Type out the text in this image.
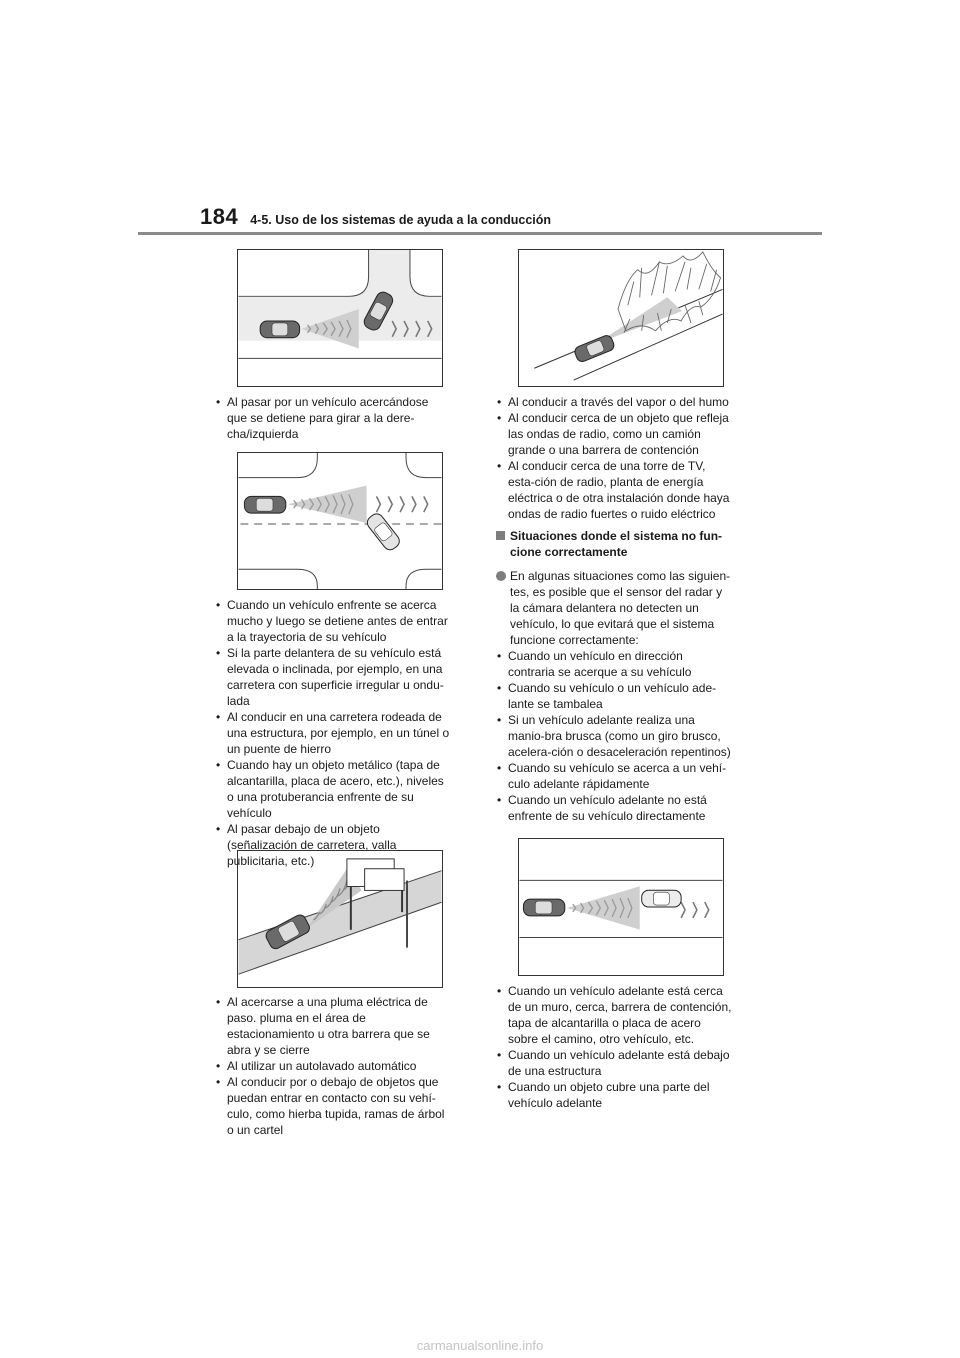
184 4-5. Uso de los sistemas de ayuda a la conducción
• Al pasar por un vehículo acercándose que se detiene para girar a la dere-cha/izquierda
• Cuando un vehículo enfrente se acerca mucho y luego se detiene antes de entrar a la trayectoria de su vehículo
• Si la parte delantera de su vehículo está elevada o inclinada, por ejemplo, en una carretera con superficie irregular u ondu-lada
• Al conducir en una carretera rodeada de una estructura, por ejemplo, en un túnel o un puente de hierro
• Cuando hay un objeto metálico (tapa de alcantarilla, placa de acero, etc.), niveles o una protuberancia enfrente de su vehículo
• Al pasar debajo de un objeto (señalización de carretera, valla publicitaria, etc.)
• Al acercarse a una pluma eléctrica de paso. pluma en el área de estacionamiento u otra barrera que se abra y se cierre
• Al utilizar un autolavado automático
• Al conducir por o debajo de objetos que puedan entrar en contacto con su vehí-culo, como hierba tupida, ramas de árbol o un cartel
• Al conducir a través del vapor o del humo
• Al conducir cerca de un objeto que refleja las ondas de radio, como un camión grande o una barrera de contención
• Al conducir cerca de una torre de TV, esta-ción de radio, planta de energía eléctrica o de otra instalación donde haya ondas de radio fuertes o ruido eléctrico
Situaciones donde el sistema no fun-cione correctamente
En algunas situaciones como las siguien-tes, es posible que el sensor del radar y la cámara delantera no detecten un vehículo, lo que evitará que el sistema funcione correctamente:
• Cuando un vehículo en dirección contraria se acerque a su vehículo
• Cuando su vehículo o un vehículo ade-lante se tambalea
• Si un vehículo adelante realiza una manio-bra brusca (como un giro brusco, acelera-ción o desaceleración repentinos)
• Cuando su vehículo se acerca a un vehí-culo adelante rápidamente
• Cuando un vehículo adelante no está enfrente de su vehículo directamente
• Cuando un vehículo adelante está cerca de un muro, cerca, barrera de contención, tapa de alcantarilla o placa de acero sobre el camino, otro vehículo, etc.
• Cuando un vehículo adelante está debajo de una estructura
• Cuando un objeto cubre una parte del vehículo adelante
carmanualsonline.info
